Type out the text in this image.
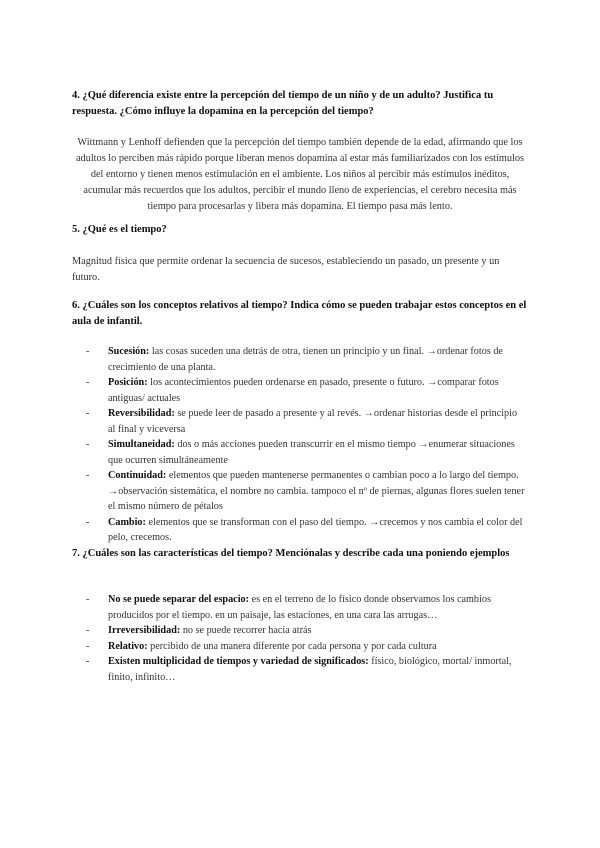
4. ¿Qué diferencia existe entre la percepción del tiempo de un niño y de un adulto? Justifica tu respuesta. ¿Cómo influye la dopamina en la percepción del tiempo?
Wittmann y Lenhoff defienden que la percepción del tiempo también depende de la edad, afirmando que los adultos lo perciben más rápido porque liberan menos dopamina al estar más familiarizados con los estímulos del entorno y tienen menos estimulación en el ambiente. Los niños al percibir más estímulos inéditos, acumular más recuerdos que los adultos, percibir el mundo lleno de experiencias, el cerebro necesita más tiempo para procesarlas y libera más dopamina. El tiempo pasa más lento.
5. ¿Qué es el tiempo?
Magnitud física que permite ordenar la secuencia de sucesos, estableciendo un pasado, un presente y un futuro.
6. ¿Cuáles son los conceptos relativos al tiempo? Indica cómo se pueden trabajar estos conceptos en el aula de infantil.
-	Sucesión: las cosas suceden una detrás de otra, tienen un principio y un final. →ordenar fotos de crecimiento de una planta.
-	Posición: los acontecimientos pueden ordenarse en pasado, presente o futuro. →comparar fotos antiguas/ actuales
-	Reversibilidad: se puede leer de pasado a presente y al revés. →ordenar historias desde el principio al final y viceversa
-	Simultaneidad: dos o más acciones pueden transcurrir en el mismo tiempo →enumerar situaciones que ocurren simultáneamente
-	Continuidad: elementos que pueden mantenerse permanentes o cambian poco a lo largo del tiempo. →observación sistemática, el nombre no cambia. tampoco el nº de piernas, algunas flores suelen tener el mismo número de pétalos
-	Cambio: elementos que se transforman con el paso del tiempo. →crecemos y nos cambia el color del pelo, crecemos.
7. ¿Cuáles son las características del tiempo? Menciónalas y describe cada una poniendo ejemplos
-	No se puede separar del espacio: es en el terreno de lo físico donde observamos los cambios producidos por el tiempo. en un paisaje, las estaciones, en una cara las arrugas…
-	Irreversibilidad: no se puede recorrer hacia atrás
-	Relativo: percibido de una manera diferente por cada persona y por cada cultura
-	Existen multiplicidad de tiempos y variedad de significados: físico, biológico, mortal/ inmortal, finito, infinito…
